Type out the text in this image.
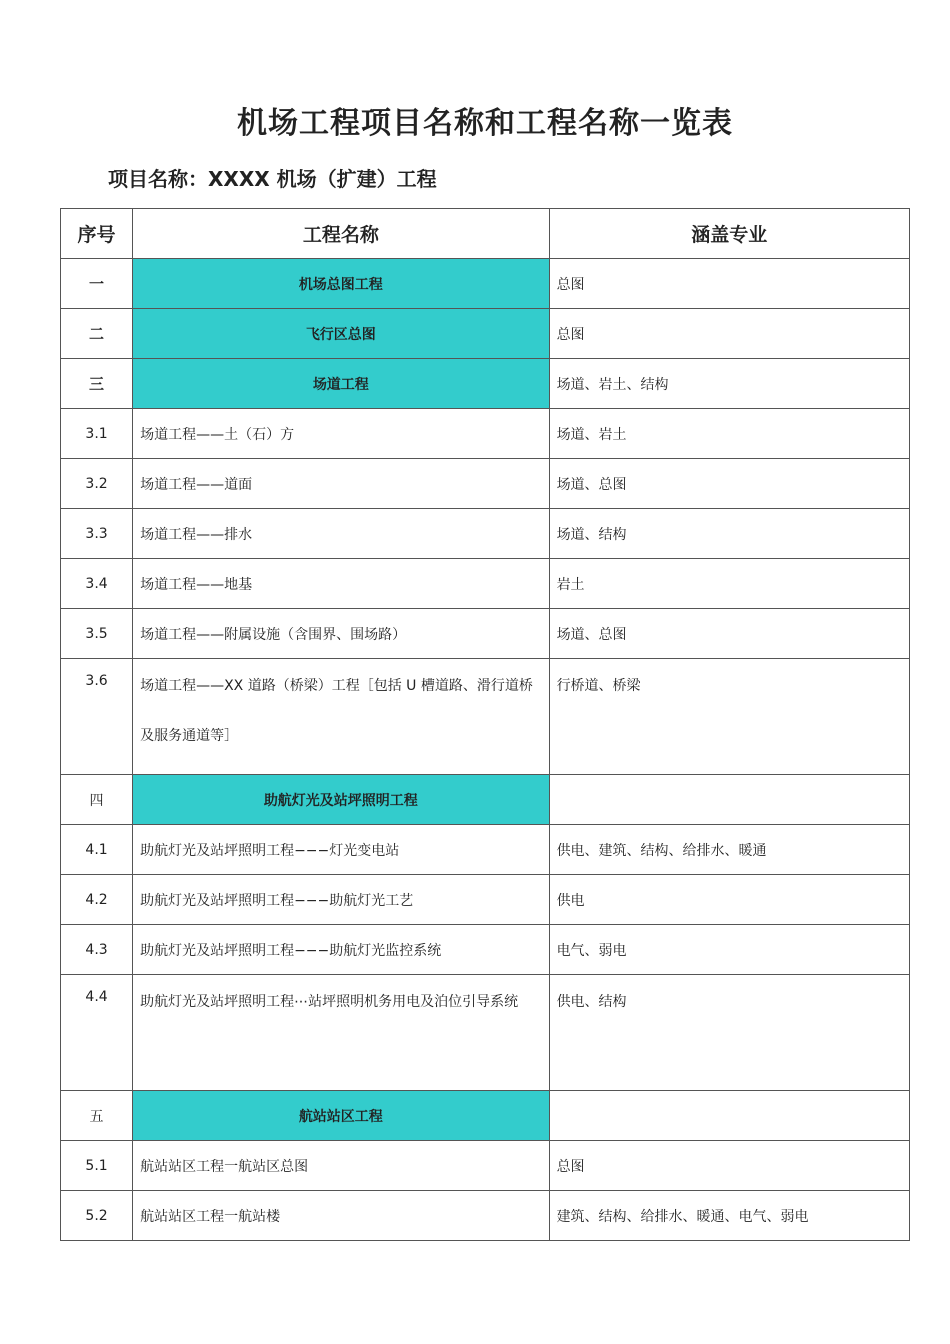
机场工程项目名称和工程名称一览表
项目名称：XXXX 机场（扩建）工程
序号	工程名称	涵盖专业
一	机场总图工程	总图
二	飞行区总图	总图
三	场道工程	场道、岩土、结构
3.1	场道工程——土（石）方	场道、岩土
3.2	场道工程——道面	场道、总图
3.3	场道工程——排水	场道、结构
3.4	场道工程——地基	岩土
3.5	场道工程——附属设施（含围界、围场路）	场道、总图
3.6	场道工程——XX 道路（桥梁）工程［包括 U 槽道路、滑行道桥及服务通道等］	行桥道、桥梁
四	助航灯光及站坪照明工程	
4.1	助航灯光及站坪照明工程−−−灯光变电站	供电、建筑、结构、给排水、暖通
4.2	助航灯光及站坪照明工程−−−助航灯光工艺	供电
4.3	助航灯光及站坪照明工程−−−助航灯光监控系统	电气、弱电
4.4	助航灯光及站坪照明工程⋯站坪照明机务用电及泊位引导系统	供电、结构
五	航站站区工程	
5.1	航站站区工程一航站区总图	总图
5.2	航站站区工程一航站楼	建筑、结构、给排水、暖通、电气、弱电
